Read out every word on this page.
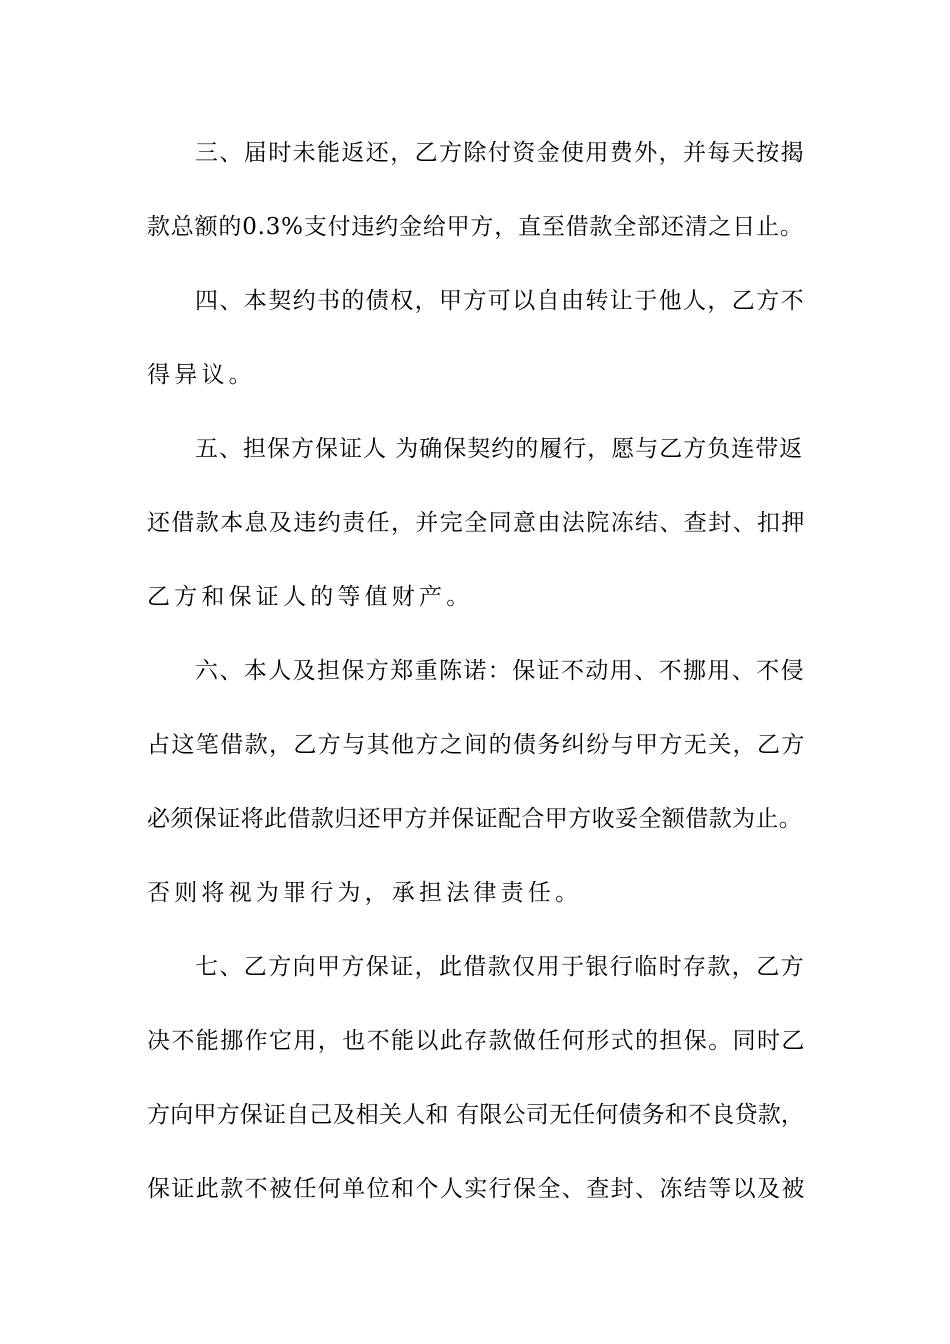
三、届时未能返还，乙方除付资金使用费外，并每天按揭
款总额的0.3%支付违约金给甲方，直至借款全部还清之日止。
四、本契约书的债权，甲方可以自由转让于他人，乙方不
得异议。
五、担保方保证人 为确保契约的履行，愿与乙方负连带返
还借款本息及违约责任，并完全同意由法院冻结、查封、扣押
乙方和保证人的等值财产。
六、本人及担保方郑重陈诺：保证不动用、不挪用、不侵
占这笔借款，乙方与其他方之间的债务纠纷与甲方无关，乙方
必须保证将此借款归还甲方并保证配合甲方收妥全额借款为止。
否则将视为罪行为，承担法律责任。
七、乙方向甲方保证，此借款仅用于银行临时存款，乙方
决不能挪作它用，也不能以此存款做任何形式的担保。同时乙
方向甲方保证自己及相关人和 有限公司无任何债务和不良贷款，
保证此款不被任何单位和个人实行保全、查封、冻结等以及被
